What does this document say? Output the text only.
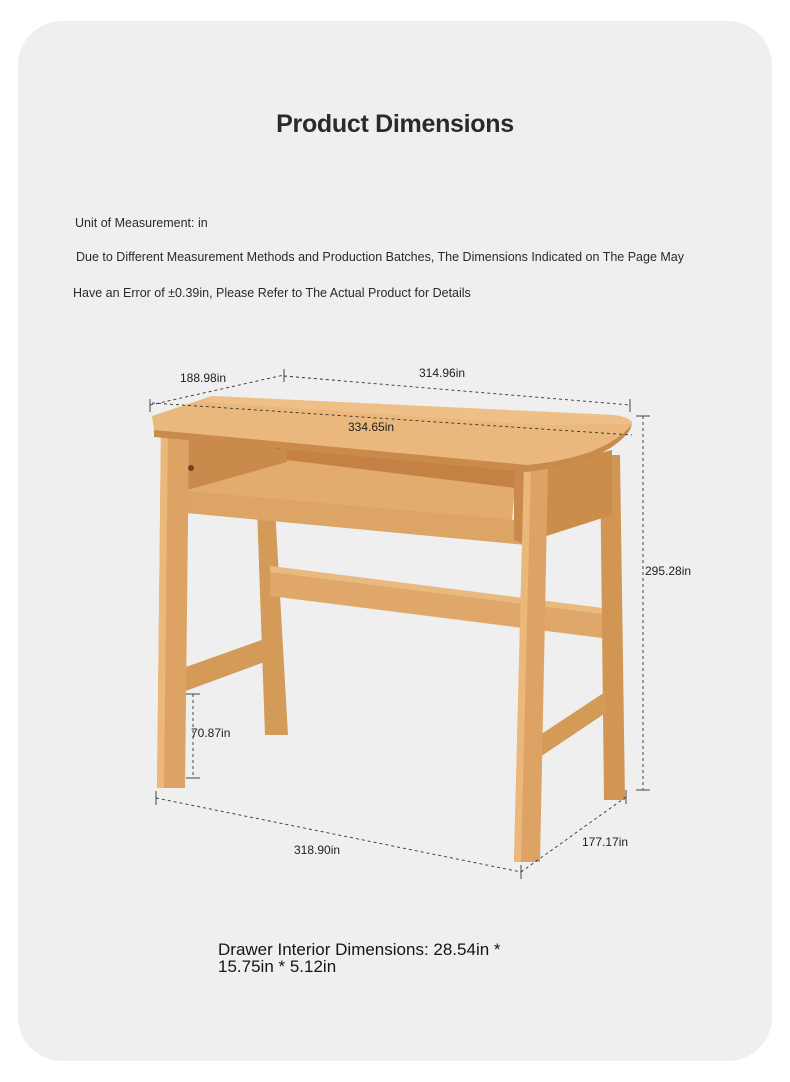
Product Dimensions
Unit of Measurement: in
Due to Different Measurement Methods and Production Batches, The Dimensions Indicated on The Page May
Have an Error of ±0.39in, Please Refer to The Actual Product for Details
188.98in	314.96in
334.65in
295.28in
70.87in
318.90in
177.17in
Drawer Interior Dimensions: 28.54in * 15.75in * 5.12in
